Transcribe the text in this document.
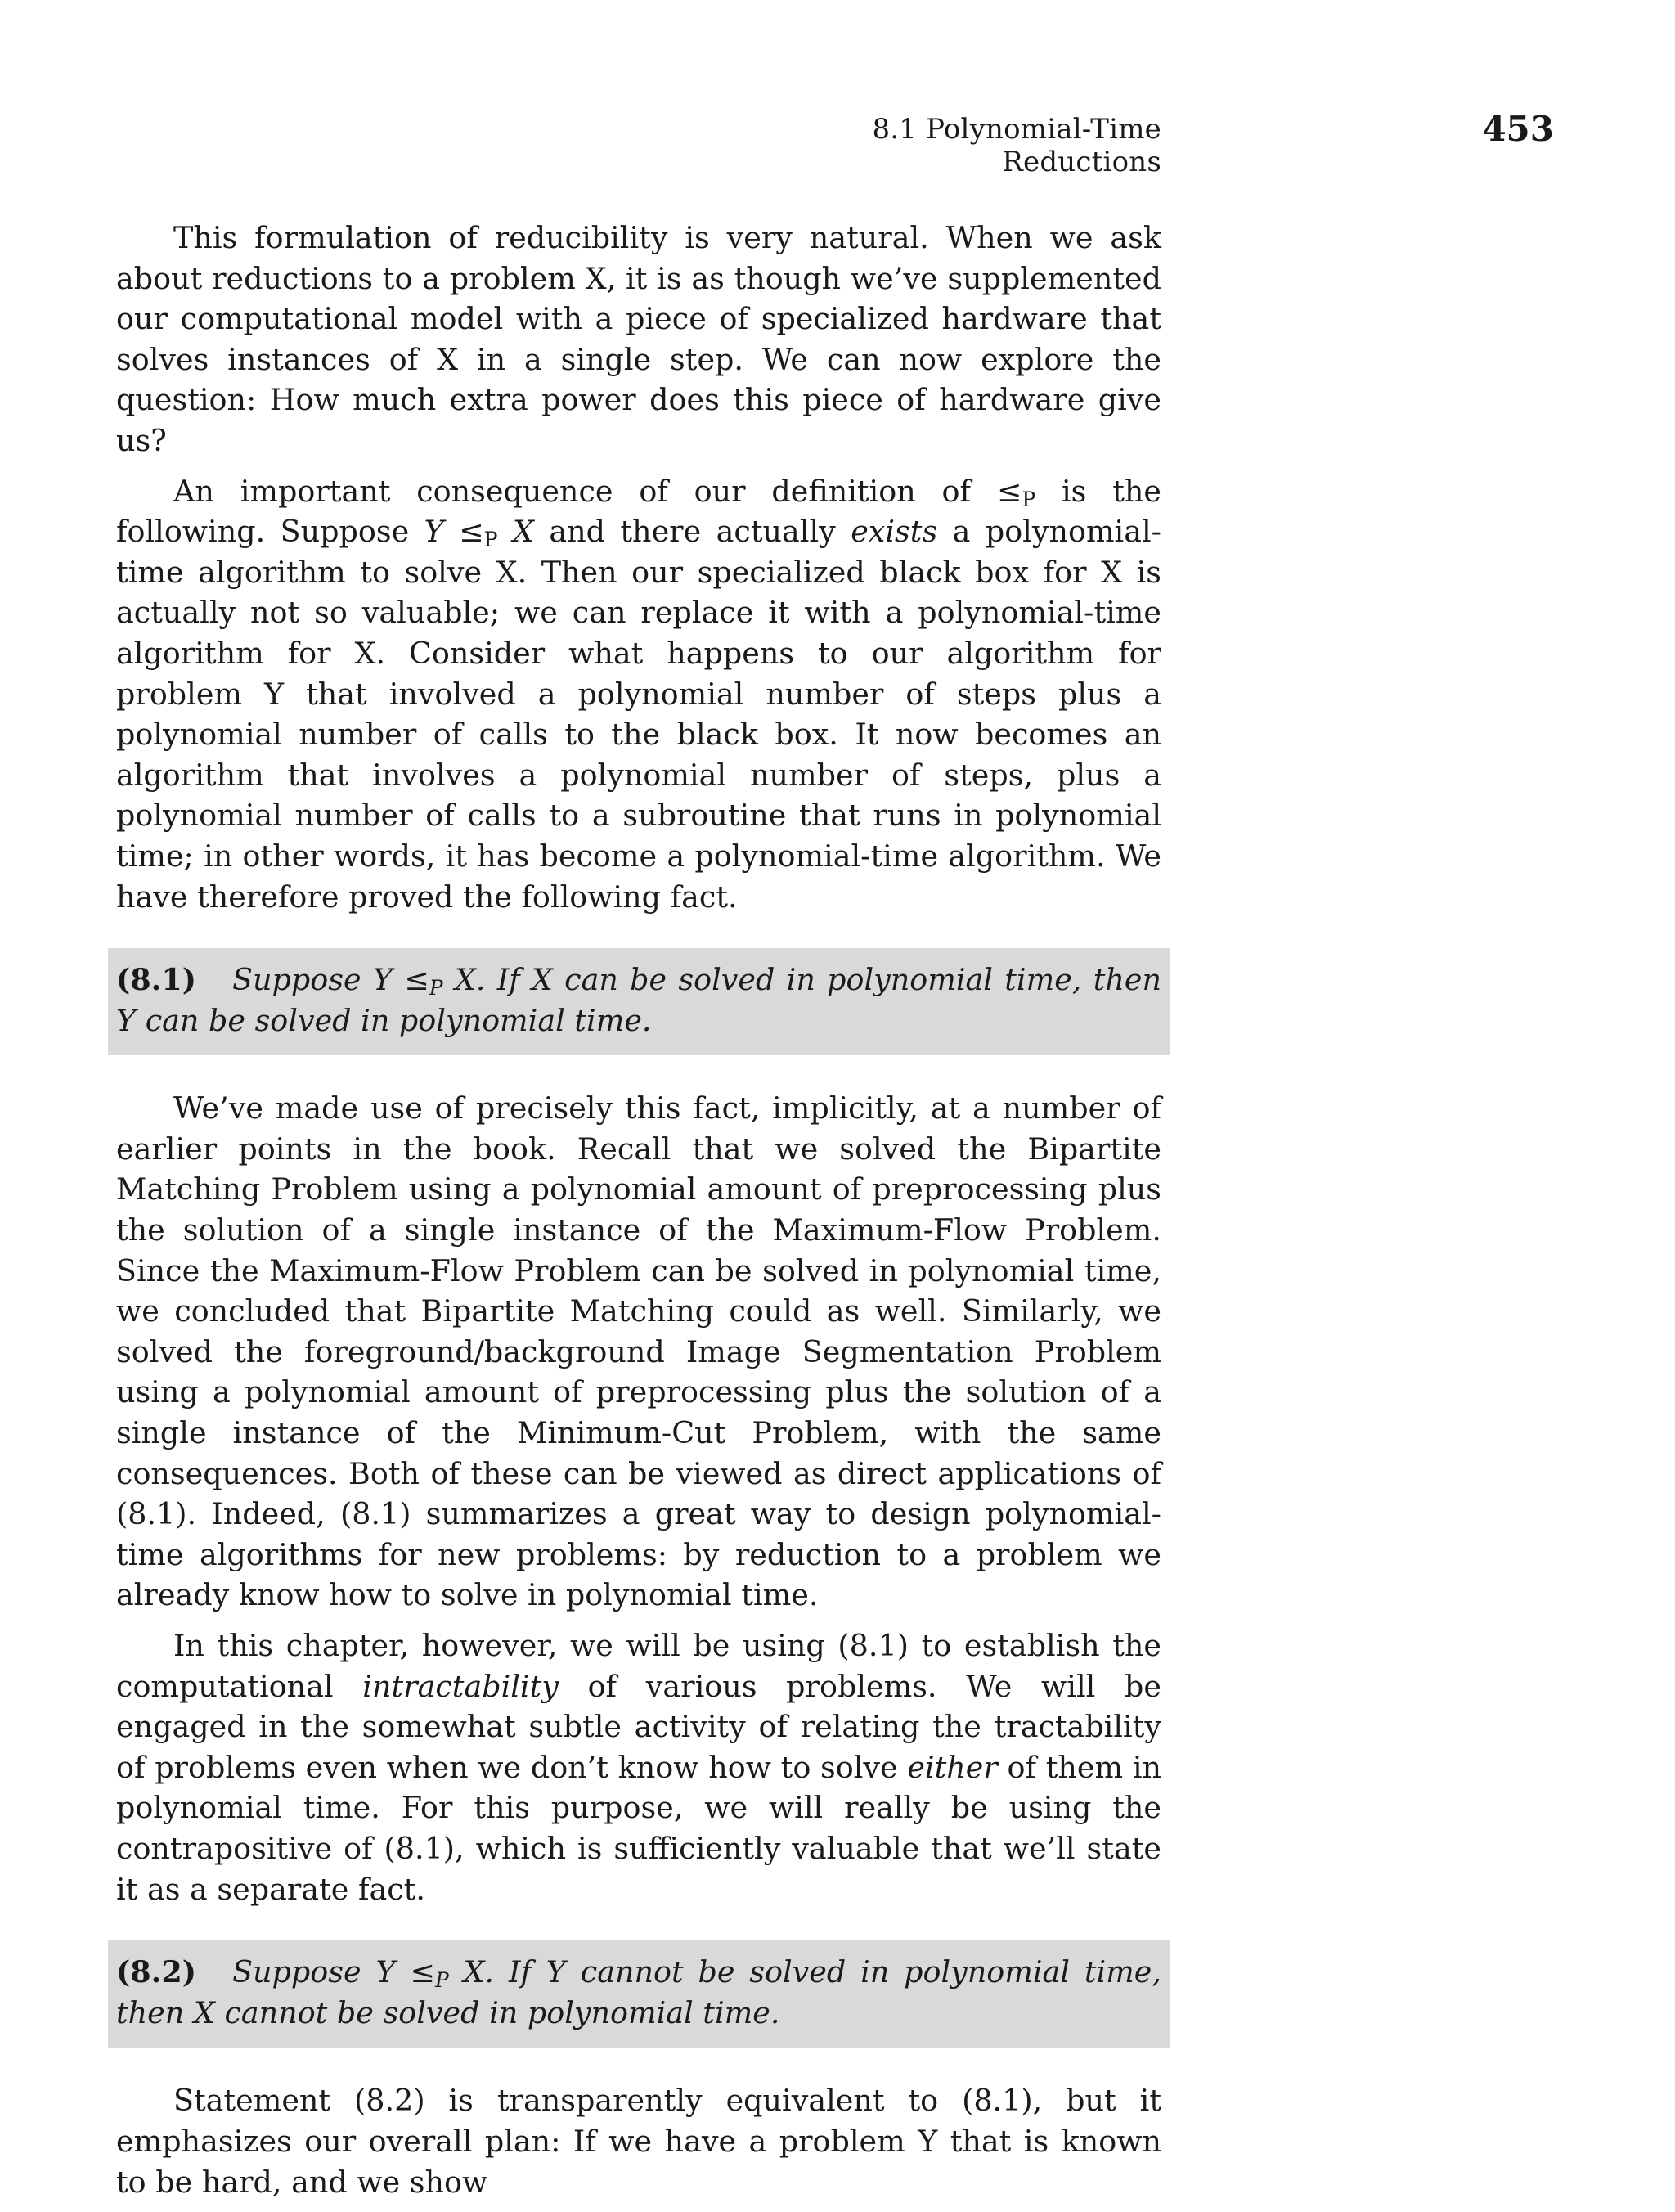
8.1 Polynomial-Time Reductions
453

This formulation of reducibility is very natural. When we ask about reductions to a problem X, it is as though we’ve supplemented our computational model with a piece of specialized hardware that solves instances of X in a single step. We can now explore the question: How much extra power does this piece of hardware give us?

An important consequence of our definition of $\le_P$ is the following. Suppose $Y \le_P$ X and there actually exists a polynomial-time algorithm to solve X. Then our specialized black box for X is actually not so valuable; we can replace it with a polynomial-time algorithm for X. Consider what happens to our algorithm for problem Y that involved a polynomial number of steps plus a polynomial number of calls to the black box. It now becomes an algorithm that involves a polynomial number of steps, plus a polynomial number of calls to a subroutine that runs in polynomial time; in other words, it has become a polynomial-time algorithm. We have therefore proved the following fact.

(8.1) Suppose $Y \le_P$ X. If X can be solved in polynomial time, then Y can be solved in polynomial time.

We’ve made use of precisely this fact, implicitly, at a number of earlier points in the book. Recall that we solved the Bipartite Matching Problem using a polynomial amount of preprocessing plus the solution of a single instance of the Maximum-Flow Problem. Since the Maximum-Flow Problem can be solved in polynomial time, we concluded that Bipartite Matching could as well. Similarly, we solved the foreground/background Image Segmentation Problem using a polynomial amount of preprocessing plus the solution of a single instance of the Minimum-Cut Problem, with the same consequences. Both of these can be viewed as direct applications of (8.1). Indeed, (8.1) summarizes a great way to design polynomial-time algorithms for new problems: by reduction to a problem we already know how to solve in polynomial time.

In this chapter, however, we will be using (8.1) to establish the computational intractability of various problems. We will be engaged in the somewhat subtle activity of relating the tractability of problems even when we don’t know how to solve either of them in polynomial time. For this purpose, we will really be using the contrapositive of (8.1), which is sufficiently valuable that we’ll state it as a separate fact.

(8.2) Suppose $Y \le_P$ X. If Y cannot be solved in polynomial time, then X cannot be solved in polynomial time.

Statement (8.2) is transparently equivalent to (8.1), but it emphasizes our overall plan: If we have a problem Y that is known to be hard, and we show
